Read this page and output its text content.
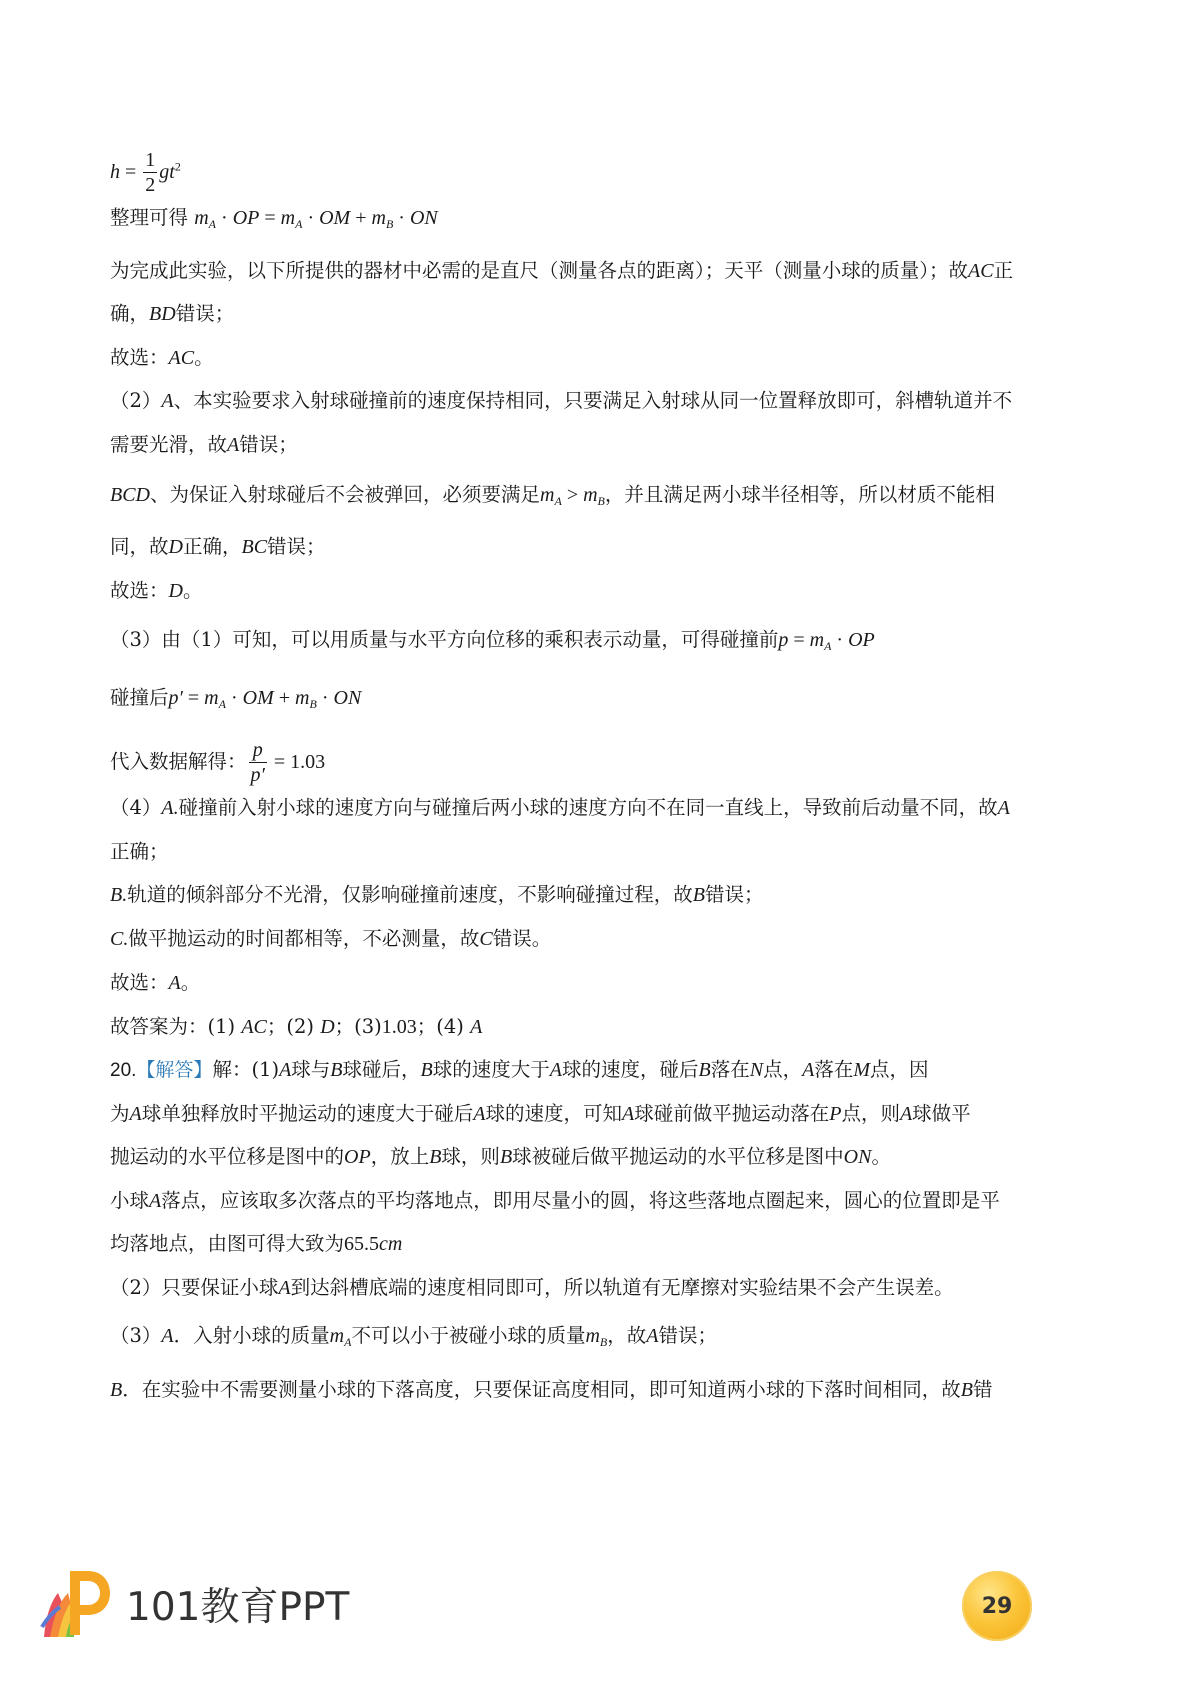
$h = \frac{1}{2} gt^2$
整理可得 $m_A$ · OP = $m_A$ · OM + $m_B$ · ON
为完成此实验，以下所提供的器材中必需的是直尺（测量各点的距离）；天平（测量小球的质量）；故AC正
确，BD错误；
故选：AC。
（2）A、本实验要求入射球碰撞前的速度保持相同，只要满足入射球从同一位置释放即可，斜槽轨道并不
需要光滑，故A错误；
BCD、为保证入射球碰后不会被弹回，必须要满足$m_A > m_B$，并且满足两小球半径相等，所以材质不能相
同，故D正确，BC错误；
故选：D。
（3）由（1）可知，可以用质量与水平方向位移的乘积表示动量，可得碰撞前$p = m_A$ · OP
碰撞后$p' = m_A$ · OM + $m_B$ · ON
代入数据解得： $\frac{p}{p'} = 1.03$
（4）A.碰撞前入射小球的速度方向与碰撞后两小球的速度方向不在同一直线上，导致前后动量不同，故A
正确；
B.轨道的倾斜部分不光滑，仅影响碰撞前速度，不影响碰撞过程，故B错误；
C.做平抛运动的时间都相等，不必测量，故C错误。
故选：A。
故答案为：(1) AC；(2) D；(3)1.03；(4) A
20.【解答】解：(1)A球与B球碰后，B球的速度大于A球的速度，碰后B落在N点，A落在M点，因
为A球单独释放时平抛运动的速度大于碰后A球的速度，可知A球碰前做平抛运动落在P点，则A球做平
抛运动的水平位移是图中的OP，放上B球，则B球被碰后做平抛运动的水平位移是图中ON。
小球A落点，应该取多次落点的平均落地点，即用尽量小的圆，将这些落地点圈起来，圆心的位置即是平
均落地点，由图可得大致为65.5cm
（2）只要保证小球A到达斜槽底端的速度相同即可，所以轨道有无摩擦对实验结果不会产生误差。
（3）A．入射小球的质量$m_A$不可以小于被碰小球的质量$m_B$，故A错误；
B．在实验中不需要测量小球的下落高度，只要保证高度相同，即可知道两小球的下落时间相同，故B错
101教育PPT	29
